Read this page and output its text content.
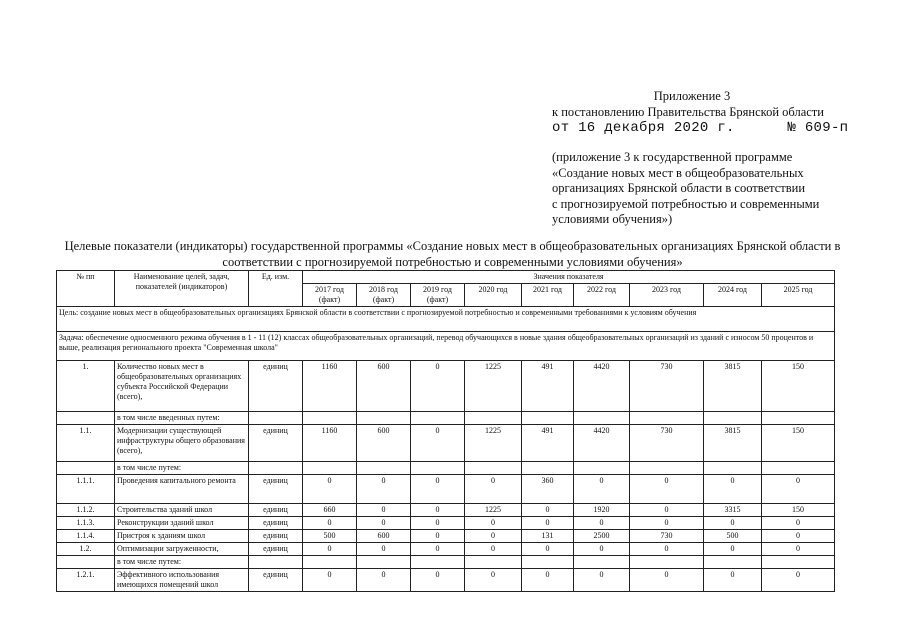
Приложение 3
к постановлению Правительства Брянской области
от 16 декабря 2020 г.	№ 609-п
(приложение 3 к государственной программе
«Создание новых мест в общеобразовательных
организациях Брянской области в соответствии
с прогнозируемой потребностью и современными
условиями обучения»)
Целевые показатели (индикаторы) государственной программы «Создание новых мест в общеобразовательных организациях Брянской области в
соответствии с прогнозируемой потребностью и современными условиями обучения»
№ пп	Наименование целей, задач, показателей (индикаторов)	Ед. изм.	Значения показателя								
			2017 год (факт)	2018 год (факт)	2019 год (факт)	2020 год	2021 год	2022 год	2023 год	2024 год	2025 год
Цель: создание новых мест в общеобразовательных организациях Брянской области в соответствии с прогнозируемой потребностью и современными требованиями к условиям обучения											
Задача: обеспечение односменного режима обучения в 1 - 11 (12) классах общеобразовательных организаций, перевод обучающихся в новые здания общеобразовательных организаций из зданий с износом 50 процентов и выше, реализация регионального проекта "Современная школа"											
1.	Количество новых мест в общеобразовательных организациях субъекта Российской Федерации (всего),	единиц	1160	600	0	1225	491	4420	730	3815	150
	в том числе введенных путем:										
1.1.	Модернизации существующей инфраструктуры общего образования (всего),	единиц	1160	600	0	1225	491	4420	730	3815	150
	в том числе путем:										
1.1.1.	Проведения капитального ремонта	единиц	0	0	0	0	360	0	0	0	0
1.1.2.	Строительства зданий школ	единиц	660	0	0	1225	0	1920	0	3315	150
1.1.3.	Реконструкции зданий школ	единиц	0	0	0	0	0	0	0	0	0
1.1.4.	Пристроя к зданиям школ	единиц	500	600	0	0	131	2500	730	500	0
1.2.	Оптимизации загруженности,	единиц	0	0	0	0	0	0	0	0	0
	в том числе путем:										
1.2.1.	Эффективного использования имеющихся помещений школ	единиц	0	0	0	0	0	0	0	0	0
